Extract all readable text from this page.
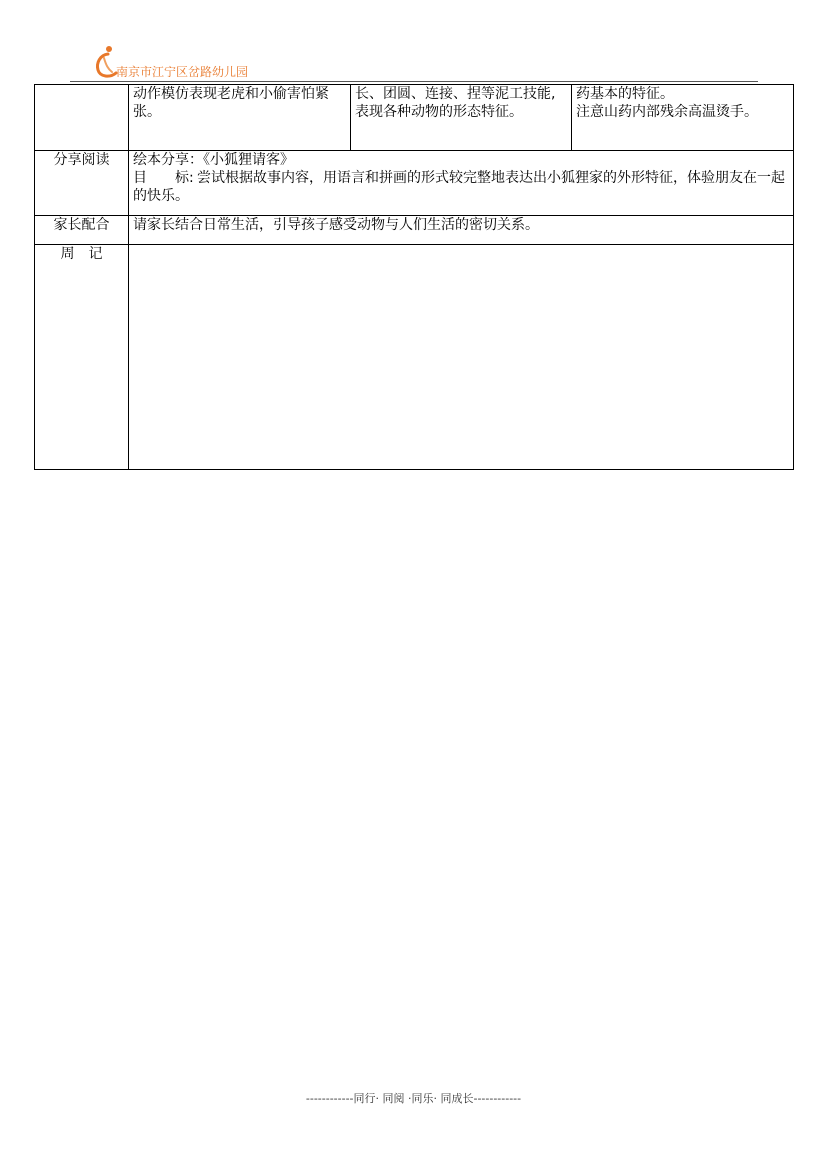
南京市江宁区岔路幼儿园

	动作模仿表现老虎和小偷害怕紧张。	长、团圆、连接、捏等泥工技能,表现各种动物的形态特征。	药基本的特征。
注意山药内部残余高温烫手。

分享阅读	绘本分享：《小狐狸请客》
目　　标: 尝试根据故事内容，用语言和拼画的形式较完整地表达出小狐狸家的外形特征，体验朋友在一起的快乐。		

家长配合	请家长结合日常生活，引导孩子感受动物与人们生活的密切关系。		
周　记			
------------同行· 同阅 ·同乐· 同成长------------
